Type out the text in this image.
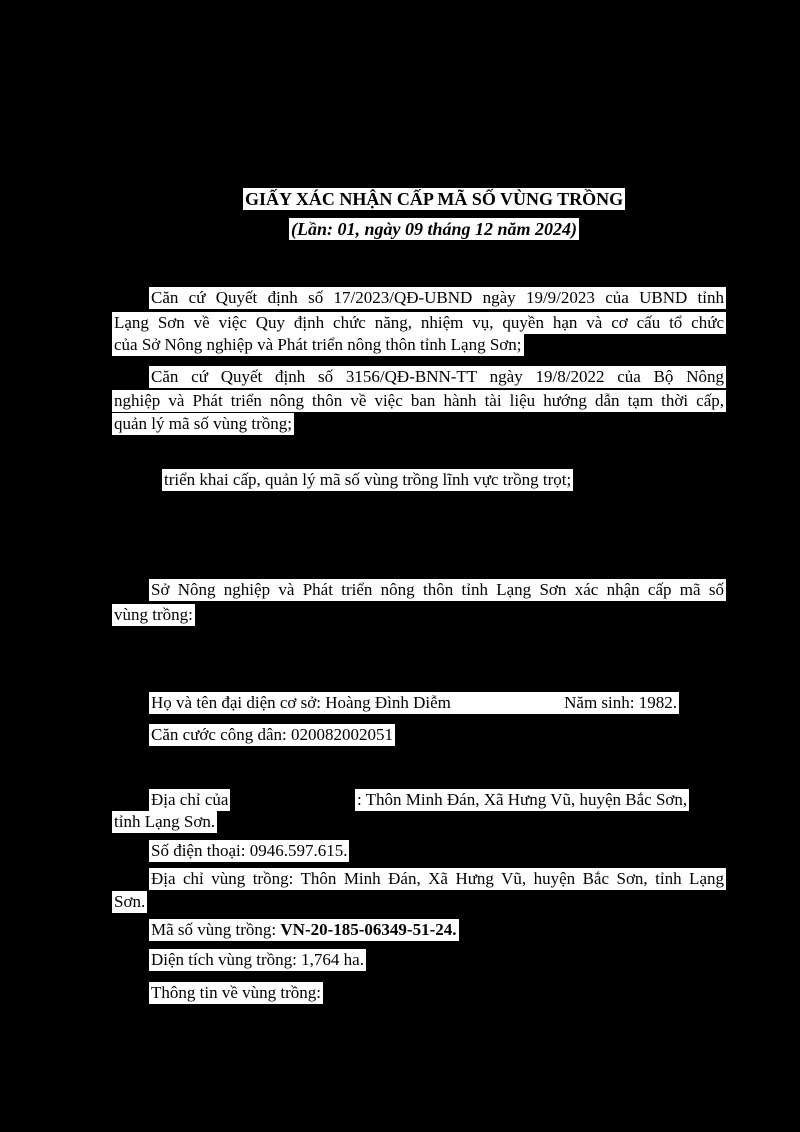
GIẤY XÁC NHẬN CẤP MÃ SỐ VÙNG TRỒNG
(Lần: 01, ngày 09 tháng 12 năm 2024)
Căn cứ Quyết định số 17/2023/QĐ-UBND ngày 19/9/2023 của UBND tỉnh
Lạng Sơn về việc Quy định chức năng, nhiệm vụ, quyền hạn và cơ cấu tổ chức
của Sở Nông nghiệp và Phát triển nông thôn tỉnh Lạng Sơn;
Căn cứ Quyết định số 3156/QĐ-BNN-TT ngày 19/8/2022 của Bộ Nông
nghiệp và Phát triển nông thôn về việc ban hành tài liệu hướng dẫn tạm thời cấp,
quản lý mã số vùng trồng;
triển khai cấp, quản lý mã số vùng trồng lĩnh vực trồng trọt;
Sở Nông nghiệp và Phát triển nông thôn tỉnh Lạng Sơn xác nhận cấp mã số
vùng trồng:
Họ và tên đại diện cơ sở: Hoàng Đình Diễm	Năm sinh: 1982.
Căn cước công dân: 020082002051
Địa chỉ của	: Thôn Minh Đán, Xã Hưng Vũ, huyện Bắc Sơn,
tỉnh Lạng Sơn.
Số điện thoại: 0946.597.615.
Địa chỉ vùng trồng: Thôn Minh Đán, Xã Hưng Vũ, huyện Bắc Sơn, tỉnh Lạng
Sơn.
Mã số vùng trồng: VN-20-185-06349-51-24.
Diện tích vùng trồng: 1,764 ha.
Thông tin về vùng trồng:
